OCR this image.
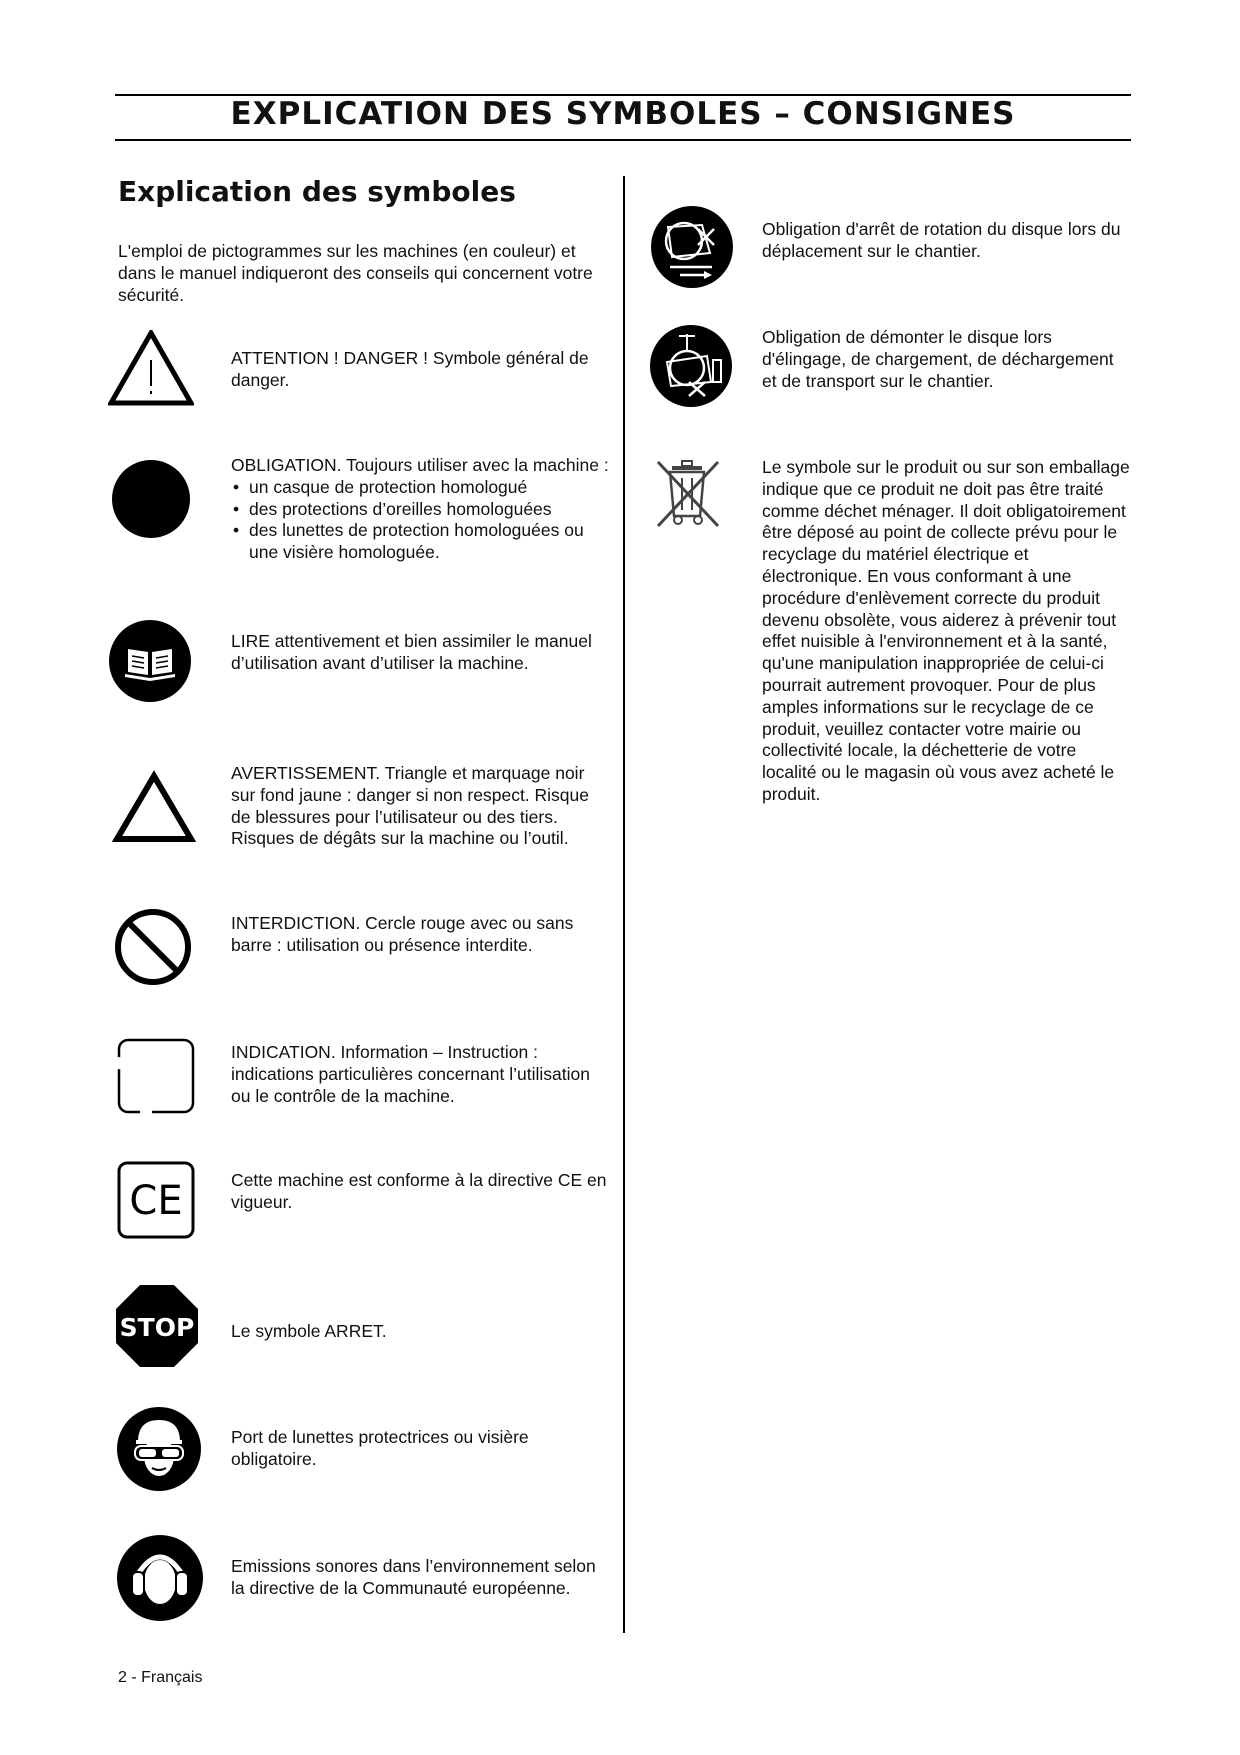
EXPLICATION DES SYMBOLES – CONSIGNES
Explication des symboles
L'emploi de pictogrammes sur les machines (en couleur) et dans le manuel indiqueront des conseils qui concernent votre sécurité.
ATTENTION ! DANGER ! Symbole général de danger.
OBLIGATION. Toujours utiliser avec la machine :
• un casque de protection homologué
• des protections d’oreilles homologuées
• des lunettes de protection homologuées ou une visière homologuée.
LIRE attentivement et bien assimiler le manuel d’utilisation avant d’utiliser la machine.
AVERTISSEMENT. Triangle et marquage noir sur fond jaune : danger si non respect. Risque de blessures pour l’utilisateur ou des tiers. Risques de dégâts sur la machine ou l’outil.
INTERDICTION. Cercle rouge avec ou sans barre : utilisation ou présence interdite.
INDICATION. Information – Instruction : indications particulières concernant l’utilisation ou le contrôle de la machine.
CE	Cette machine est conforme à la directive CE en vigueur.
STOP Le symbole ARRET.
Port de lunettes protectrices ou visière obligatoire.
Emissions sonores dans l’environnement selon la directive de la Communauté européenne.
Obligation d'arrêt de rotation du disque lors du déplacement sur le chantier.
Obligation de démonter le disque lors d'élingage, de chargement, de déchargement et de transport sur le chantier.
Le symbole sur le produit ou sur son emballage indique que ce produit ne doit pas être traité comme déchet ménager. Il doit obligatoirement être déposé au point de collecte prévu pour le recyclage du matériel électrique et électronique. En vous conformant à une procédure d'enlèvement correcte du produit devenu obsolète, vous aiderez à prévenir tout effet nuisible à l'environnement et à la santé, qu'une manipulation inappropriée de celui-ci pourrait autrement provoquer. Pour de plus amples informations sur le recyclage de ce produit, veuillez contacter votre mairie ou collectivité locale, la déchetterie de votre localité ou le magasin où vous avez acheté le produit.
2 - Français
